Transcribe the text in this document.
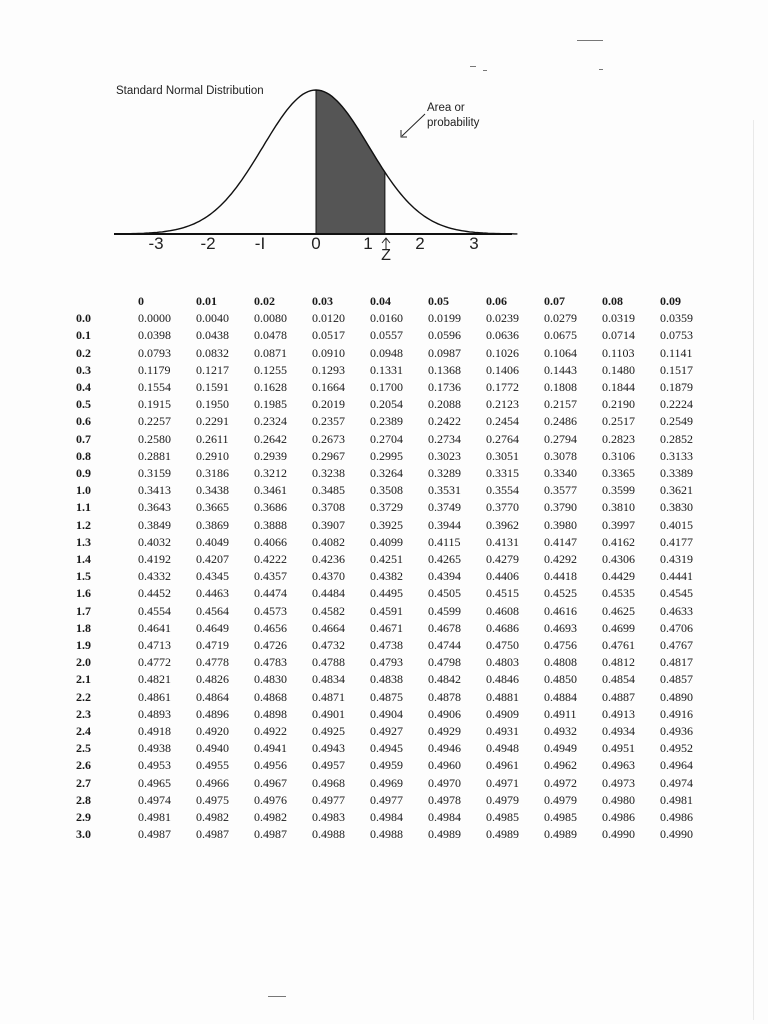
Standard Normal Distribution
Area or
probability
-3 -2 -I	0	1	2	3
Z
	0	0.01	0.02	0.03	0.04	0.05	0.06	0.07	0.08	0.09
0.0	0.0000	0.0040	0.0080	0.0120	0.0160	0.0199	0.0239	0.0279	0.0319	0.0359
0.1	0.0398	0.0438	0.0478	0.0517	0.0557	0.0596	0.0636	0.0675	0.0714	0.0753
0.2	0.0793	0.0832	0.0871	0.0910	0.0948	0.0987	0.1026	0.1064	0.1103	0.1141
0.3	0.1179	0.1217	0.1255	0.1293	0.1331	0.1368	0.1406	0.1443	0.1480	0.1517
0.4	0.1554	0.1591	0.1628	0.1664	0.1700	0.1736	0.1772	0.1808	0.1844	0.1879
0.5	0.1915	0.1950	0.1985	0.2019	0.2054	0.2088	0.2123	0.2157	0.2190	0.2224
0.6	0.2257	0.2291	0.2324	0.2357	0.2389	0.2422	0.2454	0.2486	0.2517	0.2549
0.7	0.2580	0.2611	0.2642	0.2673	0.2704	0.2734	0.2764	0.2794	0.2823	0.2852
0.8	0.2881	0.2910	0.2939	0.2967	0.2995	0.3023	0.3051	0.3078	0.3106	0.3133
0.9	0.3159	0.3186	0.3212	0.3238	0.3264	0.3289	0.3315	0.3340	0.3365	0.3389
1.0	0.3413	0.3438	0.3461	0.3485	0.3508	0.3531	0.3554	0.3577	0.3599	0.3621
1.1	0.3643	0.3665	0.3686	0.3708	0.3729	0.3749	0.3770	0.3790	0.3810	0.3830
1.2	0.3849	0.3869	0.3888	0.3907	0.3925	0.3944	0.3962	0.3980	0.3997	0.4015
1.3	0.4032	0.4049	0.4066	0.4082	0.4099	0.4115	0.4131	0.4147	0.4162	0.4177
1.4	0.4192	0.4207	0.4222	0.4236	0.4251	0.4265	0.4279	0.4292	0.4306	0.4319
1.5	0.4332	0.4345	0.4357	0.4370	0.4382	0.4394	0.4406	0.4418	0.4429	0.4441
1.6	0.4452	0.4463	0.4474	0.4484	0.4495	0.4505	0.4515	0.4525	0.4535	0.4545
1.7	0.4554	0.4564	0.4573	0.4582	0.4591	0.4599	0.4608	0.4616	0.4625	0.4633
1.8	0.4641	0.4649	0.4656	0.4664	0.4671	0.4678	0.4686	0.4693	0.4699	0.4706
1.9	0.4713	0.4719	0.4726	0.4732	0.4738	0.4744	0.4750	0.4756	0.4761	0.4767
2.0	0.4772	0.4778	0.4783	0.4788	0.4793	0.4798	0.4803	0.4808	0.4812	0.4817
2.1	0.4821	0.4826	0.4830	0.4834	0.4838	0.4842	0.4846	0.4850	0.4854	0.4857
2.2	0.4861	0.4864	0.4868	0.4871	0.4875	0.4878	0.4881	0.4884	0.4887	0.4890
2.3	0.4893	0.4896	0.4898	0.4901	0.4904	0.4906	0.4909	0.4911	0.4913	0.4916
2.4	0.4918	0.4920	0.4922	0.4925	0.4927	0.4929	0.4931	0.4932	0.4934	0.4936
2.5	0.4938	0.4940	0.4941	0.4943	0.4945	0.4946	0.4948	0.4949	0.4951	0.4952
2.6	0.4953	0.4955	0.4956	0.4957	0.4959	0.4960	0.4961	0.4962	0.4963	0.4964
2.7	0.4965	0.4966	0.4967	0.4968	0.4969	0.4970	0.4971	0.4972	0.4973	0.4974
2.8	0.4974	0.4975	0.4976	0.4977	0.4977	0.4978	0.4979	0.4979	0.4980	0.4981
2.9	0.4981	0.4982	0.4982	0.4983	0.4984	0.4984	0.4985	0.4985	0.4986	0.4986
3.0	0.4987	0.4987	0.4987	0.4988	0.4988	0.4989	0.4989	0.4989	0.4990	0.4990
